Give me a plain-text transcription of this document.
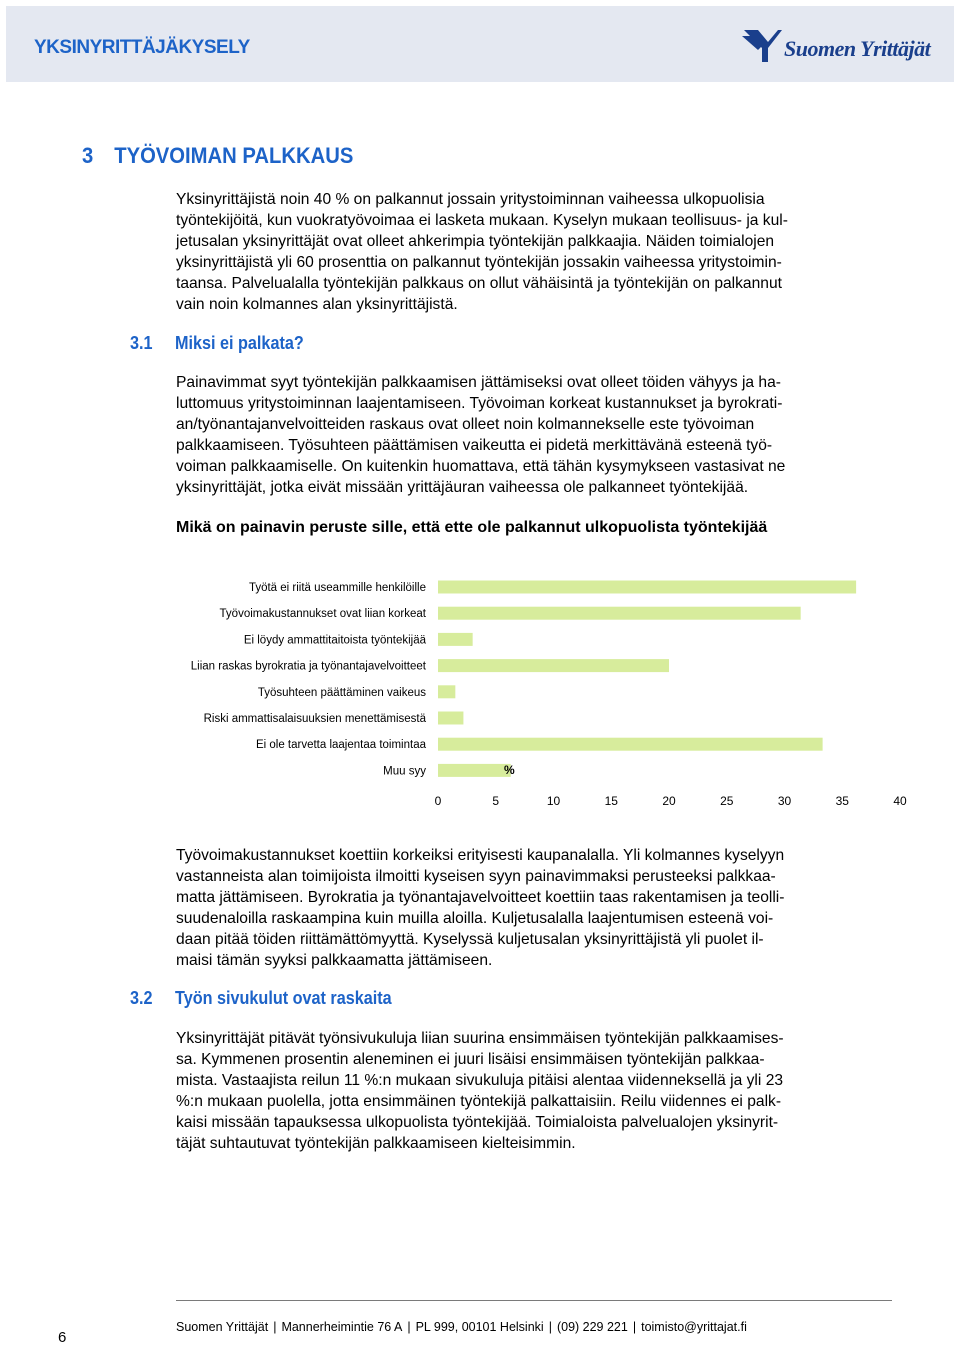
YKSINYRITTÄJÄKYSELY	Suomen Yrittäjät
3 TYÖVOIMAN PALKKAUS
Yksinyrittäjistä noin 40 % on palkannut jossain yritystoiminnan vaiheessa ulkopuolisia
työntekijöitä, kun vuokratyövoimaa ei lasketa mukaan. Kyselyn mukaan teollisuus- ja kul-
jetusalan yksinyrittäjät ovat olleet ahkerimpia työntekijän palkkaajia. Näiden toimialojen
yksinyrittäjistä yli 60 prosenttia on palkannut työntekijän jossakin vaiheessa yritystoimin-
taansa. Palvelualalla työntekijän palkkaus on ollut vähäisintä ja työntekijän on palkannut
vain noin kolmannes alan yksinyrittäjistä.
3.1 Miksi ei palkata?
Painavimmat syyt työntekijän palkkaamisen jättämiseksi ovat olleet töiden vähyys ja ha-
luttomuus yritystoiminnan laajentamiseen. Työvoiman korkeat kustannukset ja byrokrati-
an/työnantajanvelvoitteiden raskaus ovat olleet noin kolmannekselle este työvoiman
palkkaamiseen. Työsuhteen päättämisen vaikeutta ei pidetä merkittävänä esteenä työ-
voiman palkkaamiselle. On kuitenkin huomattava, että tähän kysymykseen vastasivat ne
yksinyrittäjät, jotka eivät missään yrittäjäuran vaiheessa ole palkanneet työntekijää.
Mikä on painavin peruste sille, että ette ole palkannut ulkopuolista työntekijää
Työtä ei riitä useammille henkilöille
Työvoimakustannukset ovat liian korkeat
Ei löydy ammattitaitoista työntekijää
Liian raskas byrokratia ja työnantajavelvoitteet
Työsuhteen päättäminen vaikeus
Riski ammattisalaisuuksien menettämisestä
Ei ole tarvetta laajentaa toimintaa
Muu syy	%
0	5	10	15	20	25	30	35	40
Työvoimakustannukset koettiin korkeiksi erityisesti kaupanalalla. Yli kolmannes kyselyyn
vastanneista alan toimijoista ilmoitti kyseisen syyn painavimmaksi perusteeksi palkkaa-
matta jättämiseen. Byrokratia ja työnantajavelvoitteet koettiin taas rakentamisen ja teolli-
suudenaloilla raskaampina kuin muilla aloilla. Kuljetusalalla laajentumisen esteenä voi-
daan pitää töiden riittämättömyyttä. Kyselyssä kuljetusalan yksinyrittäjistä yli puolet il-
maisi tämän syyksi palkkaamatta jättämiseen.
3.2 Työn sivukulut ovat raskaita
Yksinyrittäjät pitävät työnsivukuluja liian suurina ensimmäisen työntekijän palkkaamises-
sa. Kymmenen prosentin aleneminen ei juuri lisäisi ensimmäisen työntekijän palkkaa-
mista. Vastaajista reilun 11 %:n mukaan sivukuluja pitäisi alentaa viidenneksellä ja yli 23
%:n mukaan puolella, jotta ensimmäinen työntekijä palkattaisiin. Reilu viidennes ei palk-
kaisi missään tapauksessa ulkopuolista työntekijää. Toimialoista palvelualojen yksinyrit-
täjät suhtautuvat työntekijän palkkaamiseen kielteisimmin.
6
Suomen Yrittäjät | Mannerheimintie 76 A | PL 999, 00101 Helsinki | (09) 229 221 | toimisto@yrittajat.fi
